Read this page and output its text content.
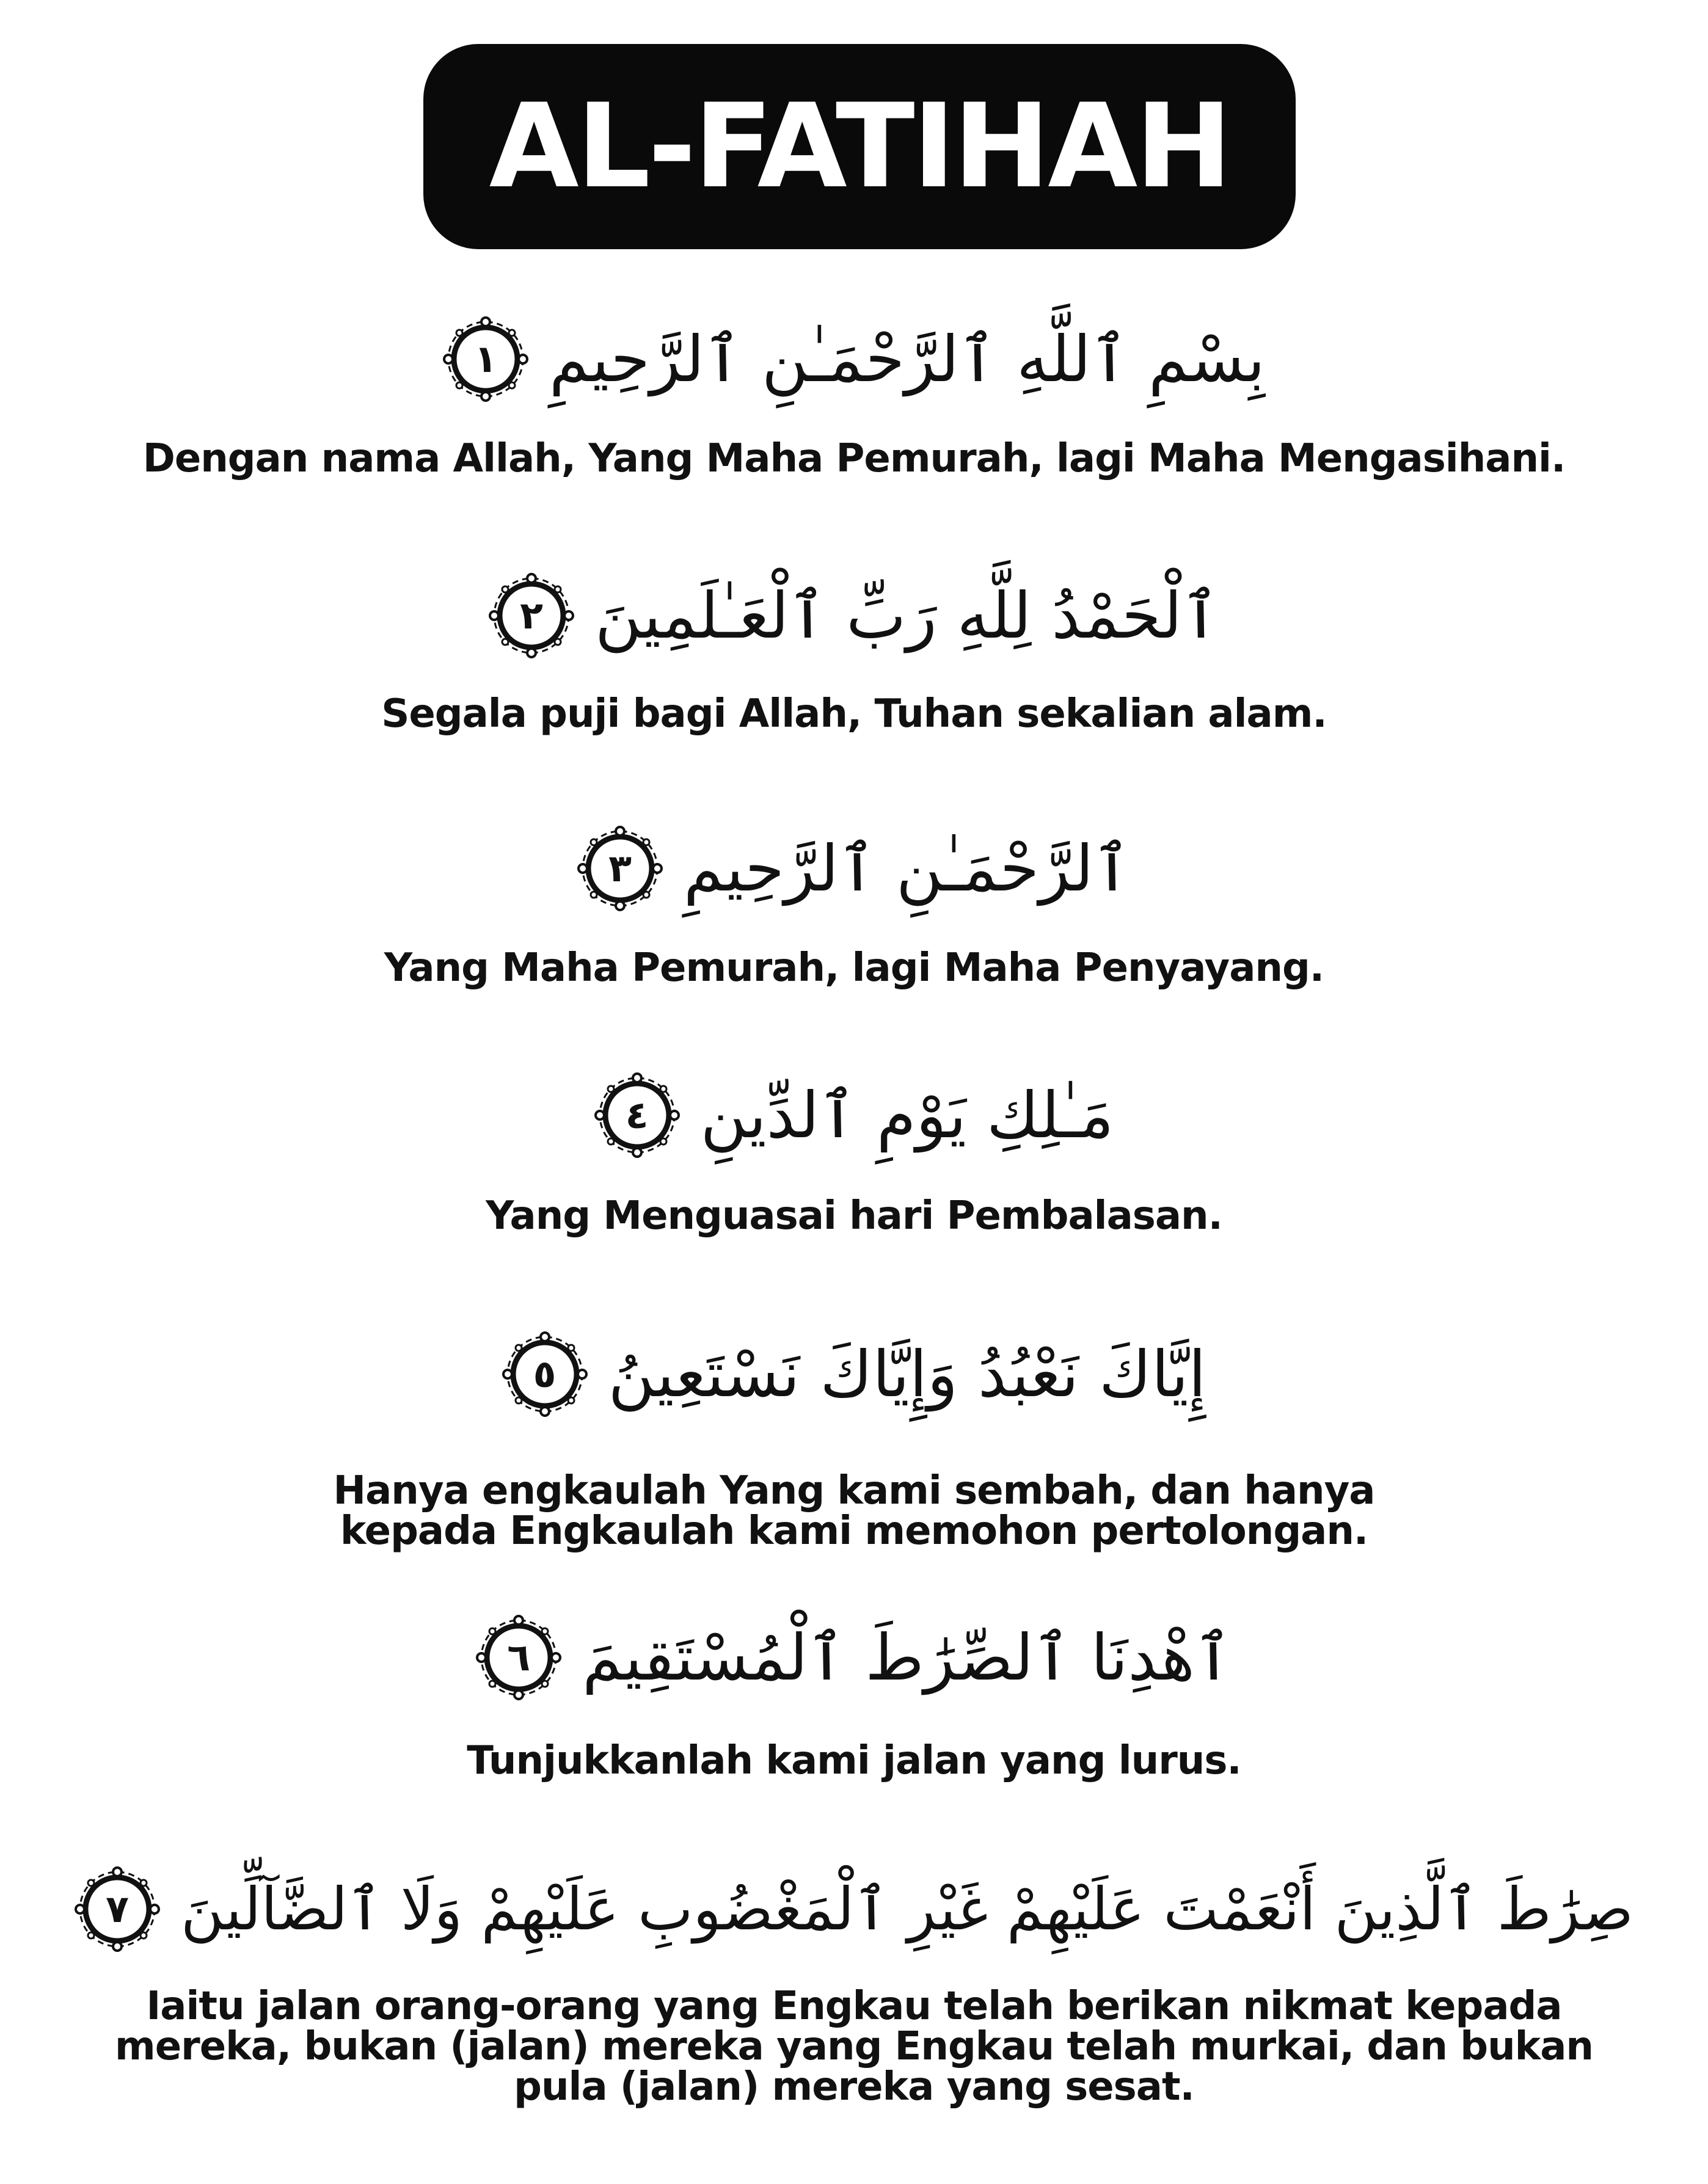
AL-FATIHAH
١ بِسْمِ ٱللَّهِ ٱلرَّحْمَـٰنِ ٱلرَّحِيمِ
Dengan nama Allah, Yang Maha Pemurah, lagi Maha Mengasihani.
٢ ٱلْحَمْدُ لِلَّهِ رَبِّ ٱلْعَـٰلَمِينَ
Segala puji bagi Allah, Tuhan sekalian alam.
٣ ٱلرَّحْمَـٰنِ ٱلرَّحِيمِ
Yang Maha Pemurah, lagi Maha Penyayang.
٤ مَـٰلِكِ يَوْمِ ٱلدِّينِ
Yang Menguasai hari Pembalasan.
٥ إِيَّاكَ نَعْبُدُ وَإِيَّاكَ نَسْتَعِينُ
Hanya engkaulah Yang kami sembah, dan hanya
kepada Engkaulah kami memohon pertolongan.
٦ ٱهْدِنَا ٱلصِّرَٰطَ ٱلْمُسْتَقِيمَ
Tunjukkanlah kami jalan yang lurus.
٧ صِرَٰطَ ٱلَّذِينَ أَنْعَمْتَ عَلَيْهِمْ غَيْرِ ٱلْمَغْضُوبِ عَلَيْهِمْ وَلَا ٱلضَّآلِّينَ
Iaitu jalan orang-orang yang Engkau telah berikan nikmat kepada
mereka, bukan (jalan) mereka yang Engkau telah murkai, dan bukan
pula (jalan) mereka yang sesat.
